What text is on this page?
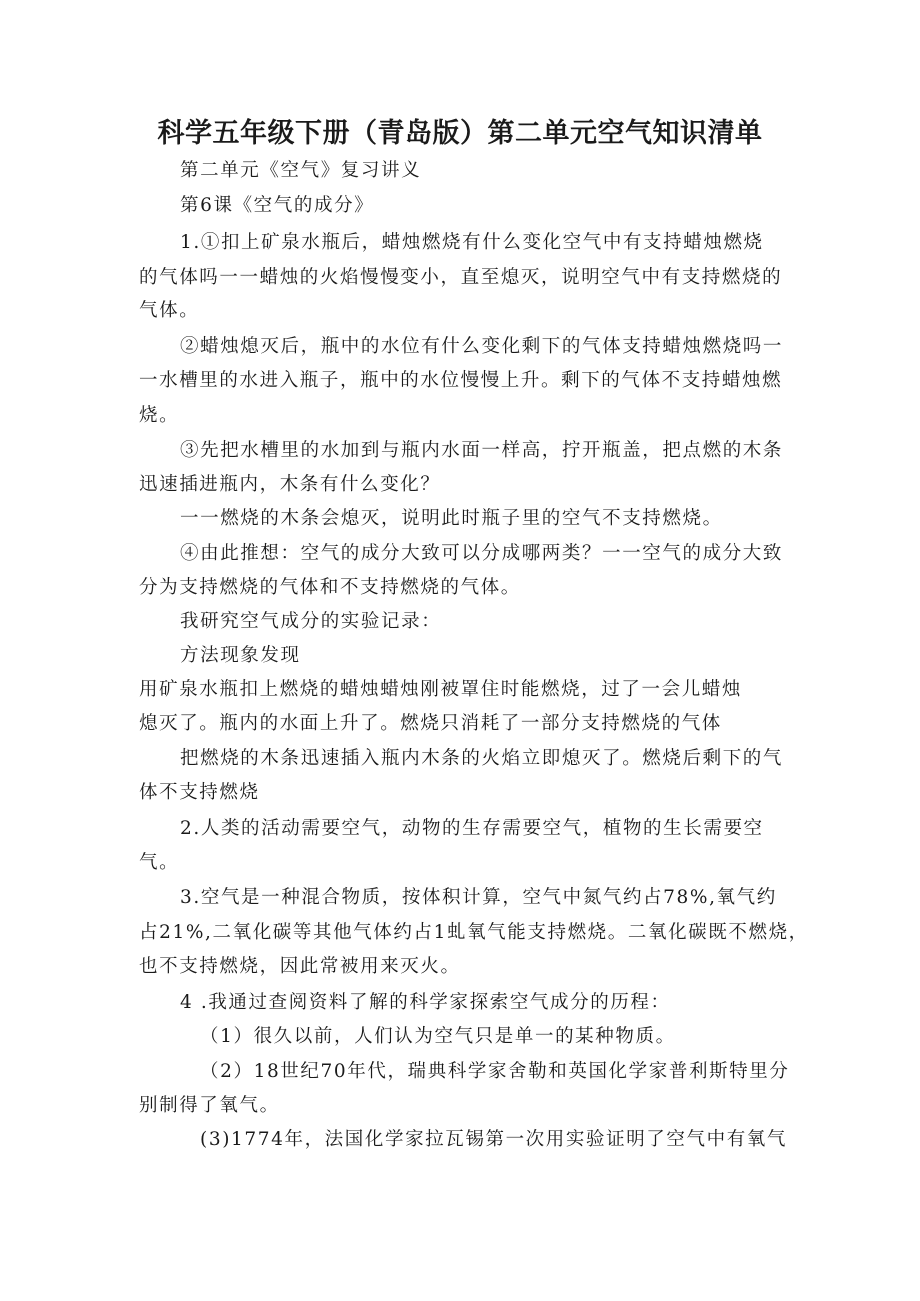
科学五年级下册（青岛版）第二单元空气知识清单
第二单元《空气》复习讲义
第6课《空气的成分》
1.①扣上矿泉水瓶后，蜡烛燃烧有什么变化空气中有支持蜡烛燃烧
的气体吗一一蜡烛的火焰慢慢变小，直至熄灭，说明空气中有支持燃烧的
气体。
②蜡烛熄灭后，瓶中的水位有什么变化剩下的气体支持蜡烛燃烧吗一
一水槽里的水进入瓶子，瓶中的水位慢慢上升。剩下的气体不支持蜡烛燃
烧。
③先把水槽里的水加到与瓶内水面一样高，拧开瓶盖，把点燃的木条
迅速插进瓶内，木条有什么变化？
一一燃烧的木条会熄灭，说明此时瓶子里的空气不支持燃烧。
④由此推想：空气的成分大致可以分成哪两类？一一空气的成分大致
分为支持燃烧的气体和不支持燃烧的气体。
我研究空气成分的实验记录：
方法现象发现
用矿泉水瓶扣上燃烧的蜡烛蜡烛刚被罩住时能燃烧，过了一会儿蜡烛
熄灭了。瓶内的水面上升了。燃烧只消耗了一部分支持燃烧的气体
把燃烧的木条迅速插入瓶内木条的火焰立即熄灭了。燃烧后剩下的气
体不支持燃烧
2.人类的活动需要空气，动物的生存需要空气，植物的生长需要空
气。
3.空气是一种混合物质，按体积计算，空气中氮气约占78%,氧气约
占21%,二氧化碳等其他气体约占1虬氧气能支持燃烧。二氧化碳既不燃烧，
也不支持燃烧，因此常被用来灭火。
4 .我通过查阅资料了解的科学家探索空气成分的历程：
（1）很久以前，人们认为空气只是单一的某种物质。
（2）18世纪70年代，瑞典科学家舍勒和英国化学家普利斯特里分
别制得了氧气。
(3)1774年，法国化学家拉瓦锡第一次用实验证明了空气中有氧气
